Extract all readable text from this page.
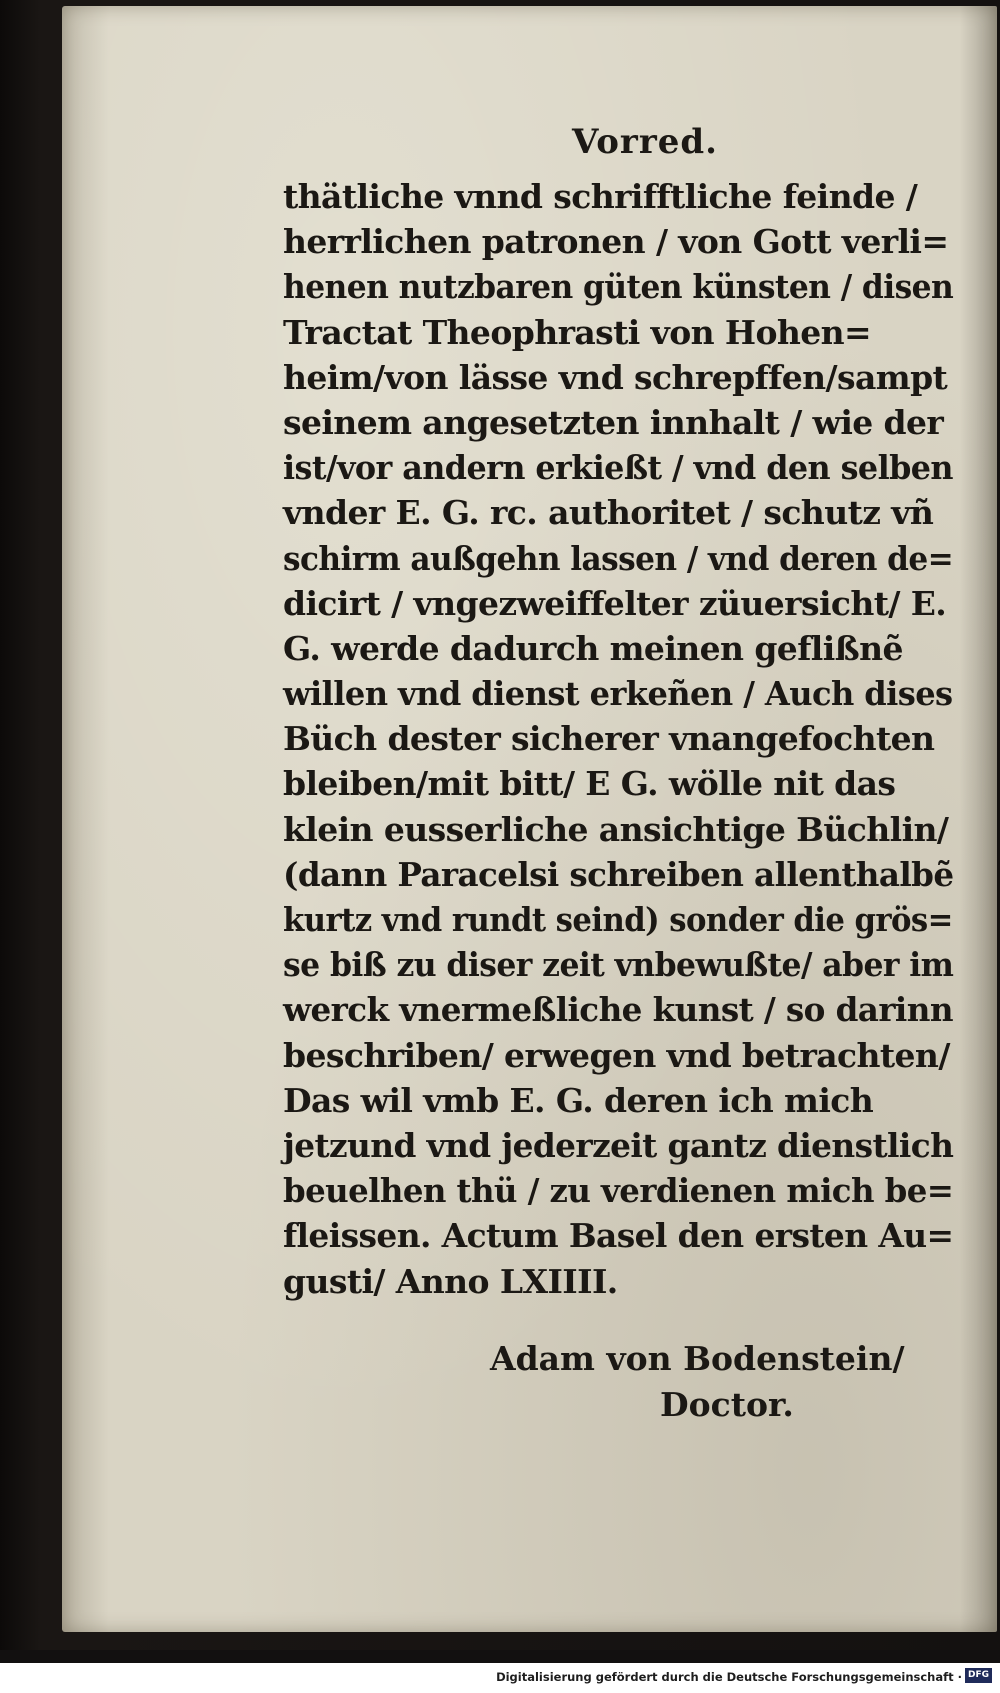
Vorred.
thätliche vnnd schrifftliche feinde /
herrlichen patronen / von Gott verli=
henen nutzbaren güten künsten / disen
Tractat Theophrasti von Hohen=
heim/von lässe vnd schrepffen/sampt
seinem angesetzten innhalt / wie der
ist/vor andern erkießt / vnd den selben
vnder E. G. rc. authoritet / schutz vñ
schirm außgehn lassen / vnd deren de=
dicirt / vngezweiffelter züuersicht/ E.
G. werde dadurch meinen geflißnẽ
willen vnd dienst erkeñen / Auch dises
Büch dester sicherer vnangefochten
bleiben/mit bitt/ E G. wölle nit das
klein eusserliche ansichtige Büchlin/
(dann Paracelsi schreiben allenthalbẽ
kurtz vnd rundt seind) sonder die grös=
se biß zu diser zeit vnbewußte/ aber im
werck vnermeßliche kunst / so darinn
beschriben/ erwegen vnd betrachten/
Das wil vmb E. G. deren ich mich
jetzund vnd jederzeit gantz dienstlich
beuelhen thü / zu verdienen mich be=
fleissen. Actum Basel den ersten Au=
gusti/ Anno LXIIII.
Adam von Bodenstein/
Doctor.
Digitalisierung gefördert durch die Deutsche Forschungsgemeinschaft · DFG
